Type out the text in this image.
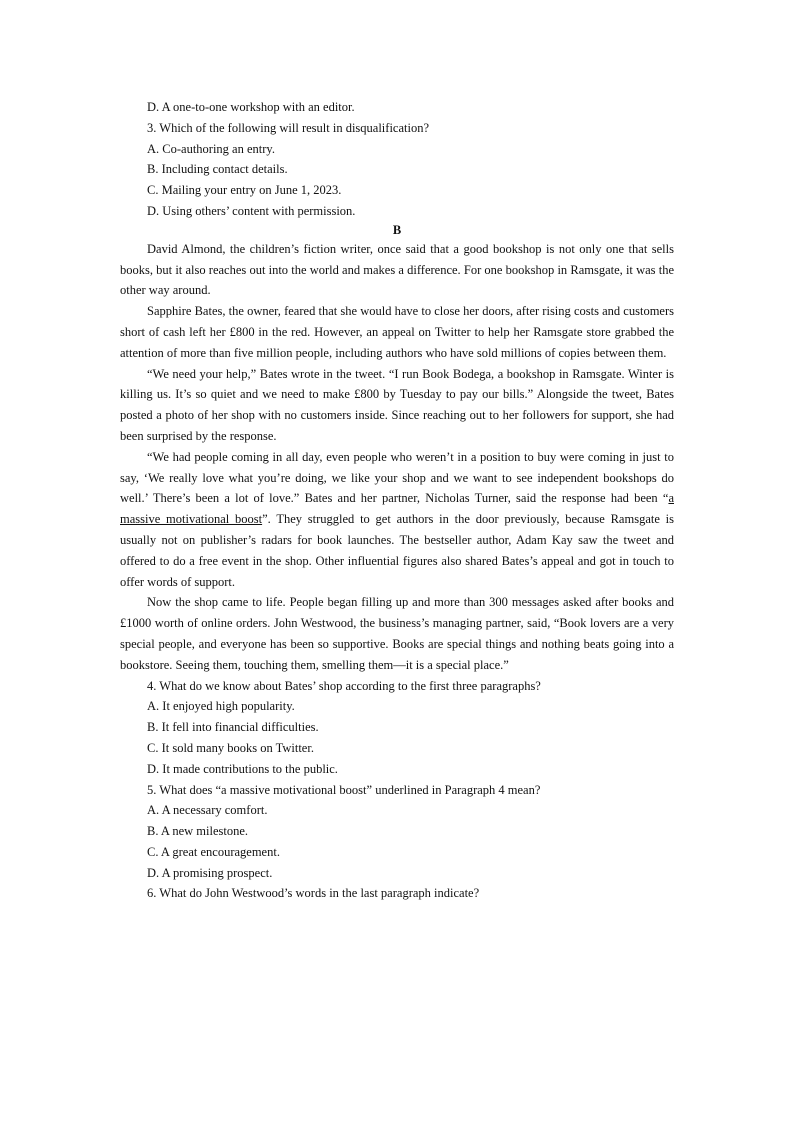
D. A one-to-one workshop with an editor.
3. Which of the following will result in disqualification?
A. Co-authoring an entry.
B. Including contact details.
C. Mailing your entry on June 1, 2023.
D. Using others’ content with permission.
B

David Almond, the children’s fiction writer, once said that a good bookshop is not only one that sells books, but it also reaches out into the world and makes a difference. For one bookshop in Ramsgate, it was the other way around.

Sapphire Bates, the owner, feared that she would have to close her doors, after rising costs and customers short of cash left her £800 in the red. However, an appeal on Twitter to help her Ramsgate store grabbed the attention of more than five million people, including authors who have sold millions of copies between them.

“We need your help,” Bates wrote in the tweet. “I run Book Bodega, a bookshop in Ramsgate. Winter is killing us. It’s so quiet and we need to make £800 by Tuesday to pay our bills.” Alongside the tweet, Bates posted a photo of her shop with no customers inside. Since reaching out to her followers for support, she had been surprised by the response.

“We had people coming in all day, even people who weren’t in a position to buy were coming in just to say, ‘We really love what you’re doing, we like your shop and we want to see independent bookshops do well.’ There’s been a lot of love.” Bates and her partner, Nicholas Turner, said the response had been “a massive motivational boost”. They struggled to get authors in the door previously, because Ramsgate is usually not on publisher’s radars for book launches. The bestseller author, Adam Kay saw the tweet and offered to do a free event in the shop. Other influential figures also shared Bates’s appeal and got in touch to offer words of support.

Now the shop came to life. People began filling up and more than 300 messages asked after books and £1000 worth of online orders. John Westwood, the business’s managing partner, said, “Book lovers are a very special people, and everyone has been so supportive. Books are special things and nothing beats going into a bookstore. Seeing them, touching them, smelling them—it is a special place.”

4. What do we know about Bates’ shop according to the first three paragraphs?
A. It enjoyed high popularity.
B. It fell into financial difficulties.
C. It sold many books on Twitter.
D. It made contributions to the public.
5. What does “a massive motivational boost” underlined in Paragraph 4 mean?
A. A necessary comfort.
B. A new milestone.
C. A great encouragement.
D. A promising prospect.
6. What do John Westwood’s words in the last paragraph indicate?
